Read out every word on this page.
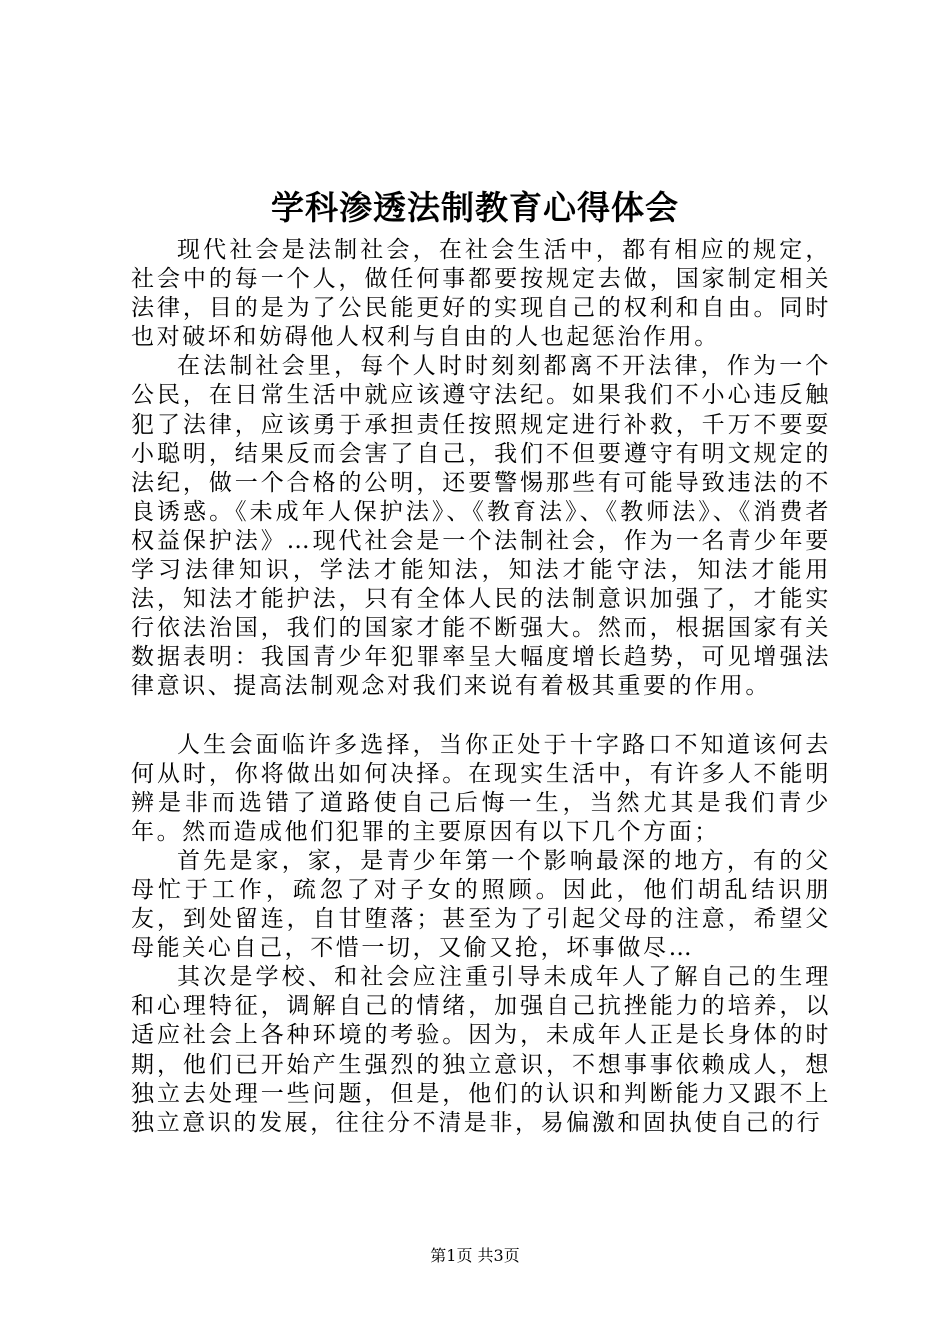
学科渗透法制教育心得体会

现代社会是法制社会，在社会生活中，都有相应的规定，社会中的每一个人，做任何事都要按规定去做，国家制定相关法律，目的是为了公民能更好的实现自己的权利和自由。同时也对破坏和妨碍他人权利与自由的人也起惩治作用。

在法制社会里，每个人时时刻刻都离不开法律，作为一个公民，在日常生活中就应该遵守法纪。如果我们不小心违反触犯了法律，应该勇于承担责任按照规定进行补救，千万不要耍小聪明，结果反而会害了自己，我们不但要遵守有明文规定的法纪，做一个合格的公明，还要警惕那些有可能导致违法的不良诱惑。《未成年人保护法》、《教育法》、《教师法》、《消费者权益保护法》…现代社会是一个法制社会，作为一名青少年要学习法律知识，学法才能知法，知法才能守法，知法才能用法，知法才能护法，只有全体人民的法制意识加强了，才能实行依法治国，我们的国家才能不断强大。然而，根据国家有关数据表明：我国青少年犯罪率呈大幅度增长趋势，可见增强法律意识、提高法制观念对我们来说有着极其重要的作用。

人生会面临许多选择，当你正处于十字路口不知道该何去何从时，你将做出如何决择。在现实生活中，有许多人不能明辨是非而选错了道路使自己后悔一生，当然尤其是我们青少年。然而造成他们犯罪的主要原因有以下几个方面；

首先是家，家，是青少年第一个影响最深的地方，有的父母忙于工作，疏忽了对子女的照顾。因此，他们胡乱结识朋友，到处留连，自甘堕落；甚至为了引起父母的注意，希望父母能关心自己，不惜一切，又偷又抢，坏事做尽…

其次是学校、和社会应注重引导未成年人了解自己的生理和心理特征，调解自己的情绪，加强自己抗挫能力的培养，以适应社会上各种环境的考验。因为，未成年人正是长身体的时期，他们已开始产生强烈的独立意识，不想事事依赖成人，想独立去处理一些问题，但是，他们的认识和判断能力又跟不上独立意识的发展，往往分不清是非，易偏激和固执使自己的行

第1页 共3页
